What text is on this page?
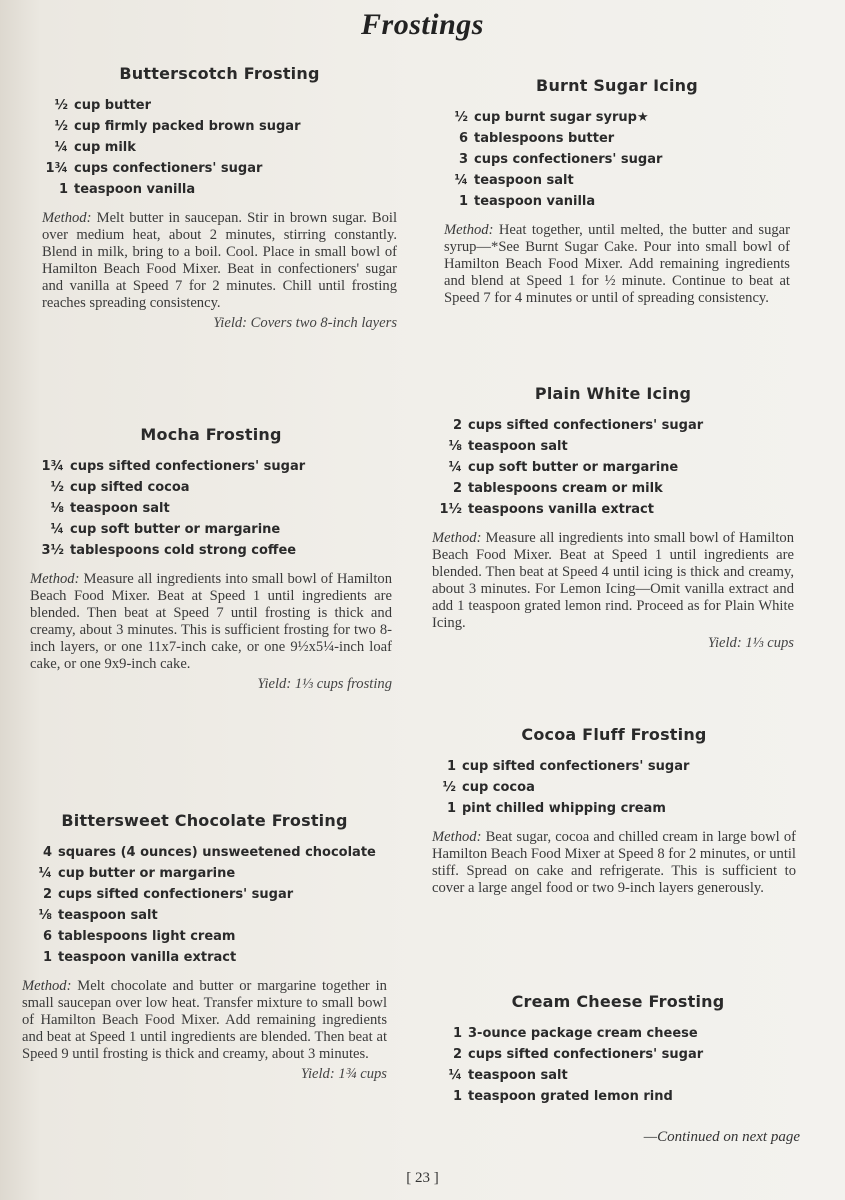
Frostings
Butterscotch Frosting
½ cup butter
½ cup firmly packed brown sugar
¼ cup milk
1¾ cups confectioners' sugar
1 teaspoon vanilla

Method: Melt butter in saucepan. Stir in brown sugar. Boil over medium heat, about 2 minutes, stirring constantly. Blend in milk, bring to a boil. Cool. Place in small bowl of Hamilton Beach Food Mixer. Beat in confectioners' sugar and vanilla at Speed 7 for 2 minutes. Chill until frosting reaches spreading consistency.

Yield: Covers two 8-inch layers
Mocha Frosting
1¾ cups sifted confectioners' sugar
½ cup sifted cocoa
⅛ teaspoon salt
¼ cup soft butter or margarine
3½ tablespoons cold strong coffee

Method: Measure all ingredients into small bowl of Hamilton Beach Food Mixer. Beat at Speed 1 until ingredients are blended. Then beat at Speed 7 until frosting is thick and creamy, about 3 minutes. This is sufficient frosting for two 8-inch layers, or one 11x7-inch cake, or one 9½x5¼-inch loaf cake, or one 9x9-inch cake.

Yield: 1⅓ cups frosting
Bittersweet Chocolate Frosting
4 squares (4 ounces) unsweetened chocolate
¼ cup butter or margarine
2 cups sifted confectioners' sugar
⅛ teaspoon salt
6 tablespoons light cream
1 teaspoon vanilla extract

Method: Melt chocolate and butter or margarine together in small saucepan over low heat. Transfer mixture to small bowl of Hamilton Beach Food Mixer. Add remaining ingredients and beat at Speed 1 until ingredients are blended. Then beat at Speed 9 until frosting is thick and creamy, about 3 minutes.

Yield: 1¾ cups
Burnt Sugar Icing
½ cup burnt sugar syrup★
6 tablespoons butter
3 cups confectioners' sugar
¼ teaspoon salt
1 teaspoon vanilla

Method: Heat together, until melted, the butter and sugar syrup—*See Burnt Sugar Cake. Pour into small bowl of Hamilton Beach Food Mixer. Add remaining ingredients and blend at Speed 1 for ½ minute. Continue to beat at Speed 7 for 4 minutes or until of spreading consistency.

Plain White Icing
2 cups sifted confectioners' sugar
⅛ teaspoon salt
¼ cup soft butter or margarine
2 tablespoons cream or milk
1½ teaspoons vanilla extract

Method: Measure all ingredients into small bowl of Hamilton Beach Food Mixer. Beat at Speed 1 until ingredients are blended. Then beat at Speed 4 until icing is thick and creamy, about 3 minutes. For Lemon Icing—Omit vanilla extract and add 1 teaspoon grated lemon rind. Proceed as for Plain White Icing.

Yield: 1⅓ cups
Cocoa Fluff Frosting
1 cup sifted confectioners' sugar
½ cup cocoa
1 pint chilled whipping cream

Method: Beat sugar, cocoa and chilled cream in large bowl of Hamilton Beach Food Mixer at Speed 8 for 2 minutes, or until stiff. Spread on cake and refrigerate. This is sufficient to cover a large angel food or two 9-inch layers generously.

Cream Cheese Frosting
1 3-ounce package cream cheese
2 cups sifted confectioners' sugar
¼ teaspoon salt
1 teaspoon grated lemon rind
—Continued on next page
[ 23 ]
